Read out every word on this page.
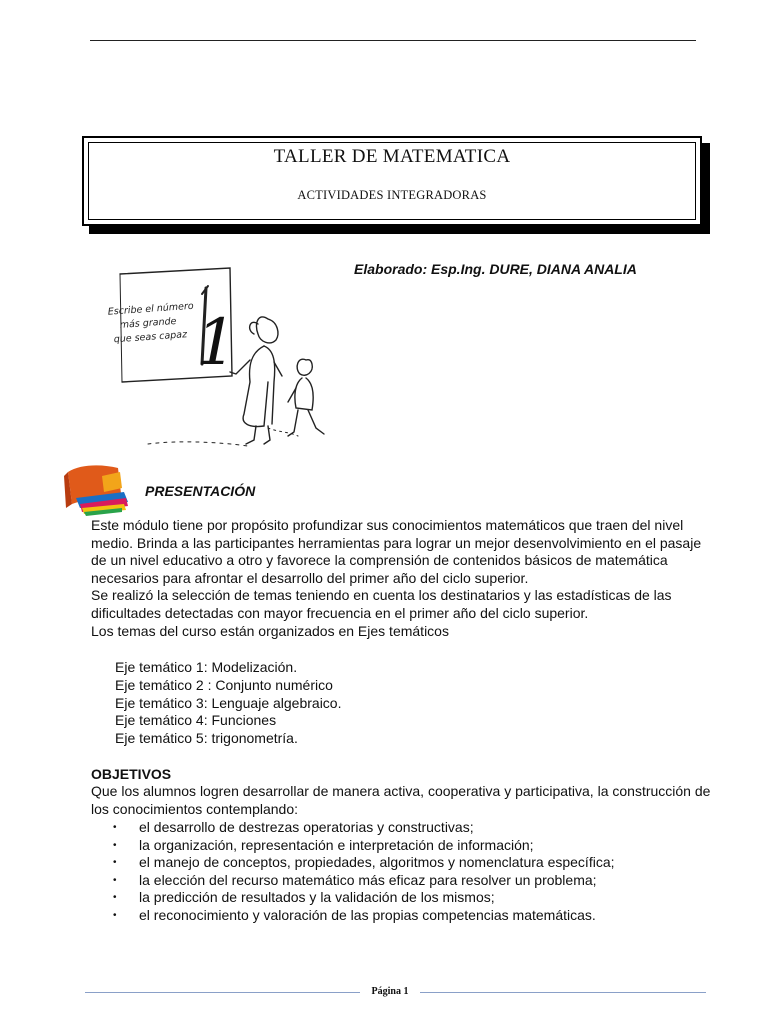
TALLER DE MATEMATICA
ACTIVIDADES INTEGRADORAS
Elaborado: Esp.Ing. DURE, DIANA ANALIA
Escribe el número
más grande
que seas capaz 1
PRESENTACIÓN

Este módulo tiene por propósito profundizar sus conocimientos matemáticos que traen del nivel medio. Brinda a las participantes herramientas para lograr un mejor desenvolvimiento en el pasaje de un nivel educativo a otro y favorece la comprensión de contenidos básicos de matemática necesarios para afrontar el desarrollo del primer año del ciclo superior.

Se realizó la selección de temas teniendo en cuenta los destinatarios y las estadísticas de las dificultades detectadas con mayor frecuencia en el primer año del ciclo superior.

Los temas del curso están organizados en Ejes temáticos

Eje temático 1: Modelización.
Eje temático 2 : Conjunto numérico
Eje temático 3: Lenguaje algebraico.
Eje temático 4: Funciones
Eje temático 5: trigonometría.
OBJETIVOS
Que los alumnos logren desarrollar de manera activa, cooperativa y participativa, la construcción de los conocimientos contemplando:
• el desarrollo de destrezas operatorias y constructivas;
• la organización, representación e interpretación de información;
• el manejo de conceptos, propiedades, algoritmos y nomenclatura específica;
• la elección del recurso matemático más eficaz para resolver un problema;
• la predicción de resultados y la validación de los mismos;
• el reconocimiento y valoración de las propias competencias matemáticas.
Página 1
